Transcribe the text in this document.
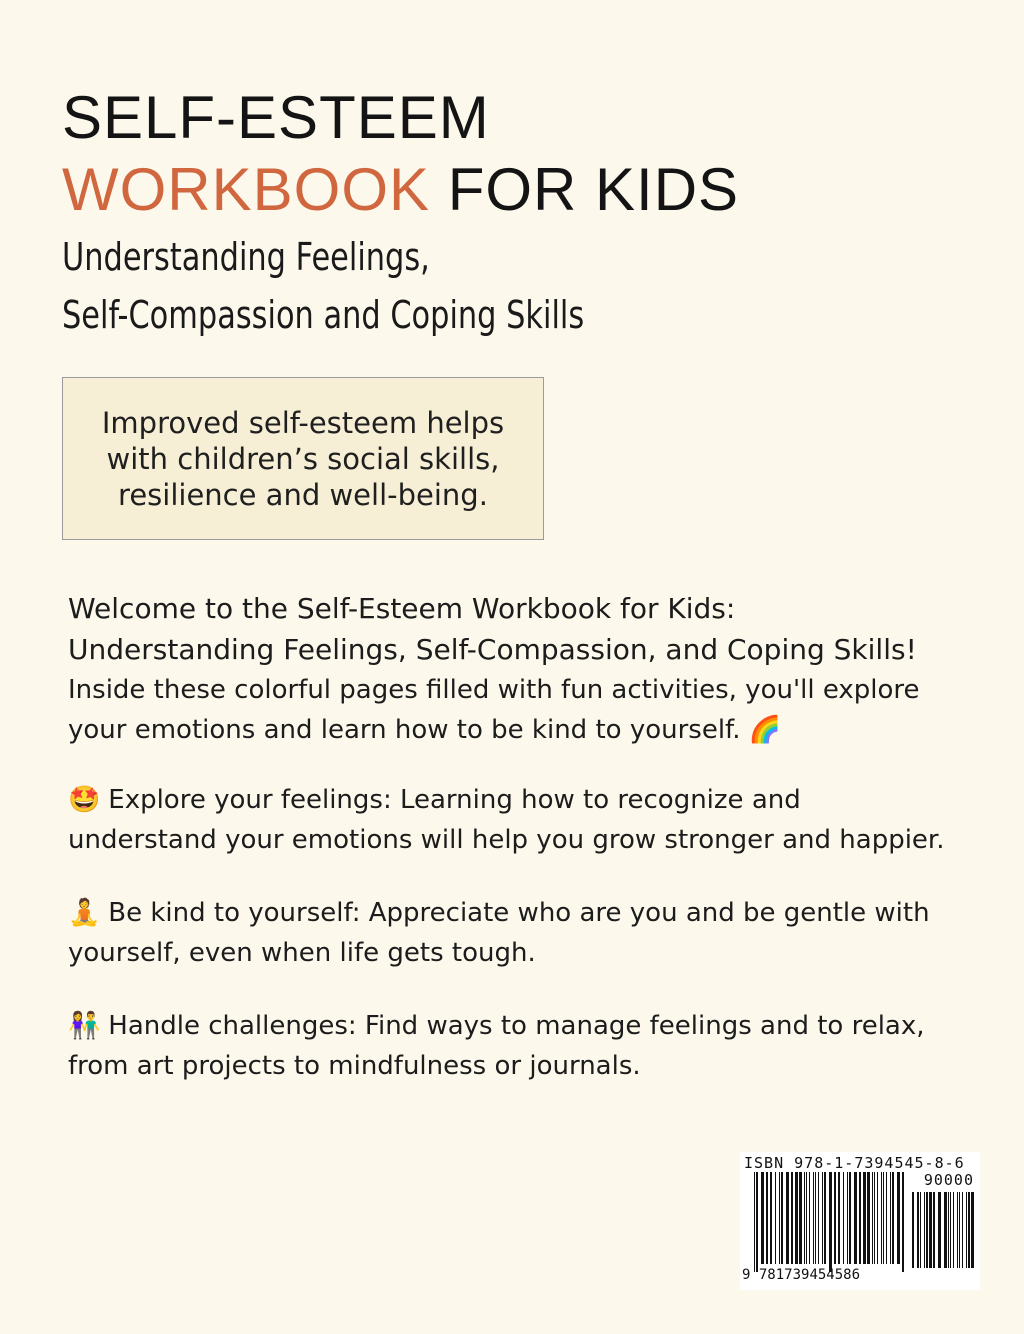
SELF-ESTEEM
WORKBOOK FOR KIDS
Understanding Feelings,
Self-Compassion and Coping Skills
Improved self-esteem helps
with children’s social skills,
resilience and well-being.
Welcome to the Self-Esteem Workbook for Kids:
Understanding Feelings, Self-Compassion, and Coping Skills!
Inside these colorful pages filled with fun activities, you'll explore
your emotions and learn how to be kind to yourself. 🌈
🤩 Explore your feelings: Learning how to recognize and
understand your emotions will help you grow stronger and happier.
🧘 Be kind to yourself: Appreciate who are you and be gentle with
yourself, even when life gets tough.
👫 Handle challenges: Find ways to manage feelings and to relax,
from art projects to mindfulness or journals.
ISBN 978-1-7394545-8-6
90000
9 781739454586
